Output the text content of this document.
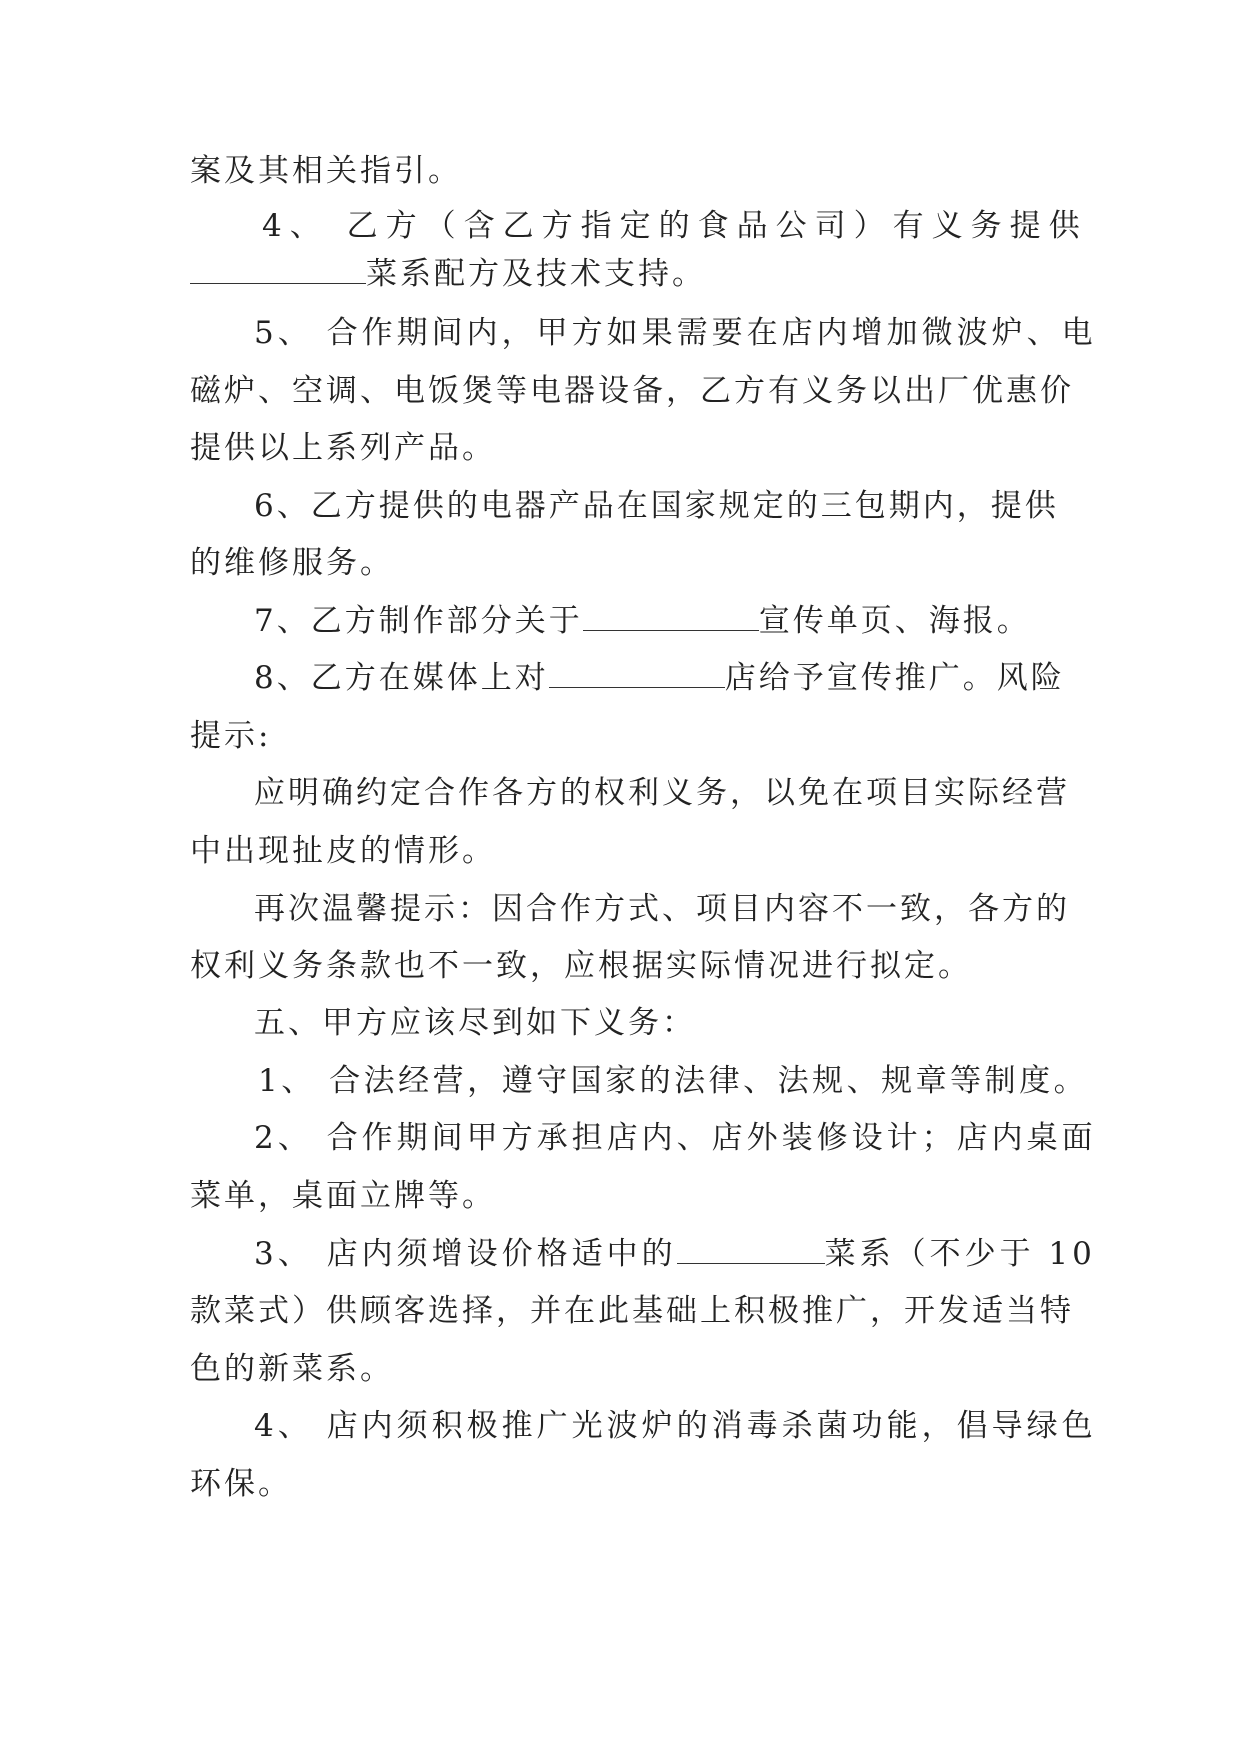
案及其相关指引。
4、 乙方（含乙方指定的食品公司）有义务提供
菜系配方及技术支持。
5、 合作期间内，甲方如果需要在店内增加微波炉、电
磁炉、空调、电饭煲等电器设备，乙方有义务以出厂优惠价
提供以上系列产品。
6、乙方提供的电器产品在国家规定的三包期内，提供
的维修服务。
7、乙方制作部分关于	宣传单页、海报。
8、乙方在媒体上对	店给予宣传推广。风险
提示:
应明确约定合作各方的权利义务，以免在项目实际经营
中出现扯皮的情形。
再次温馨提示：因合作方式、项目内容不一致，各方的
权利义务条款也不一致，应根据实际情况进行拟定。
五、甲方应该尽到如下义务：
1、 合法经营，遵守国家的法律、法规、规章等制度。
2、 合作期间甲方承担店内、店外装修设计；店内桌面
菜单，桌面立牌等。
3、 店内须增设价格适中的	菜系（不少于 10
款菜式）供顾客选择，并在此基础上积极推广，开发适当特
色的新菜系。
4、 店内须积极推广光波炉的消毒杀菌功能，倡导绿色
环保。
